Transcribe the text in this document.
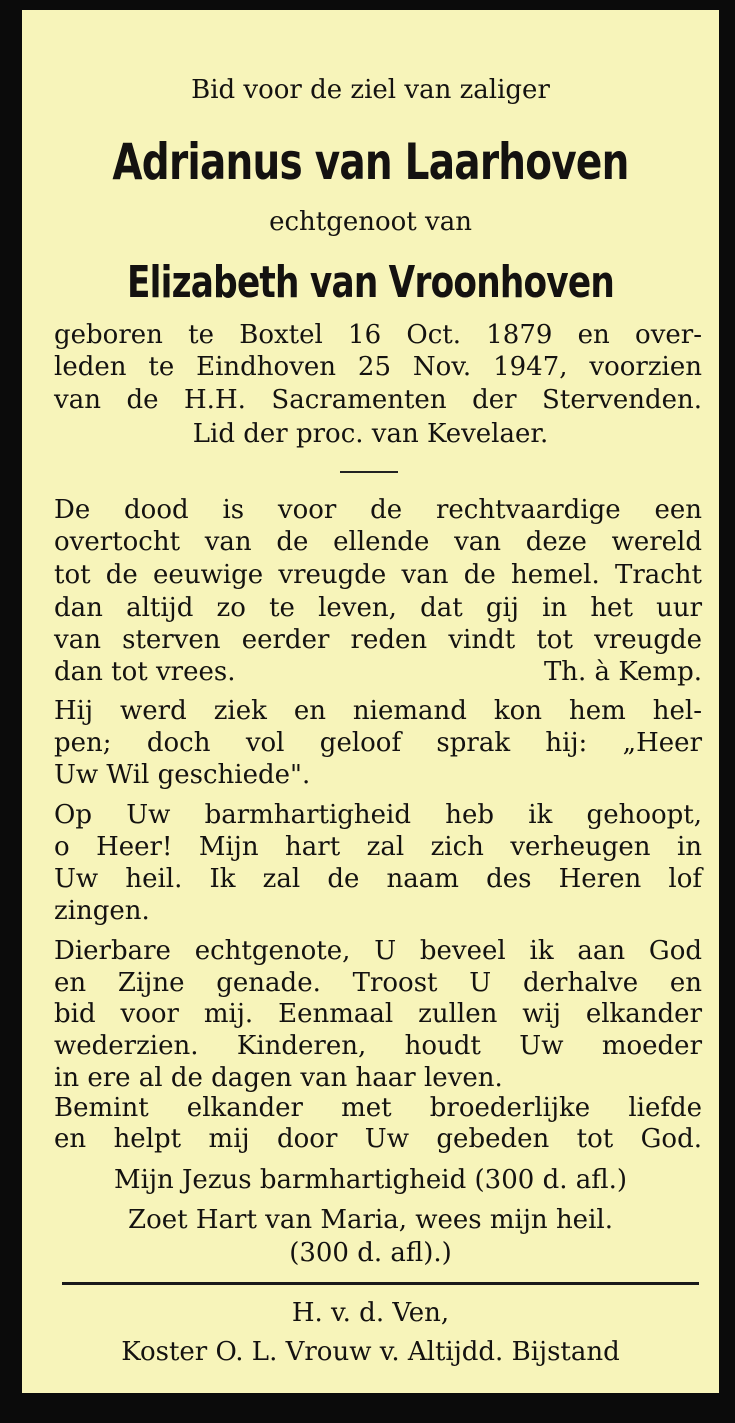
Bid voor de ziel van zaliger

Adrianus van Laarhoven

echtgenoot van

Elizabeth van Vroonhoven

geboren te Boxtel 16 Oct. 1879 en over-

leden te Eindhoven 25 Nov. 1947, voorzien

van de H.H. Sacramenten der Stervenden.

Lid der proc. van Kevelaer.

De dood is voor de rechtvaardige een

overtocht van de ellende van deze wereld

tot de eeuwige vreugde van de hemel. Tracht

dan altijd zo te leven, dat gij in het uur

van sterven eerder reden vindt tot vreugde

dan tot vrees.	Th. à Kemp.

Hij werd ziek en niemand kon hem hel-

pen; doch vol geloof sprak hij: „Heer

Uw Wil geschiede".

Op Uw barmhartigheid heb ik gehoopt,

o Heer! Mijn hart zal zich verheugen in

Uw heil. Ik zal de naam des Heren lof

zingen.

Dierbare echtgenote, U beveel ik aan God

en Zijne genade. Troost U derhalve en

bid voor mij. Eenmaal zullen wij elkander

wederzien. Kinderen, houdt Uw moeder

in ere al de dagen van haar leven.

Bemint elkander met broederlijke liefde

en helpt mij door Uw gebeden tot God.

Mijn Jezus barmhartigheid (300 d. afl.)

Zoet Hart van Maria, wees mijn heil.

(300 d. afl).)

H. v. d. Ven,

Koster O. L. Vrouw v. Altijdd. Bijstand
